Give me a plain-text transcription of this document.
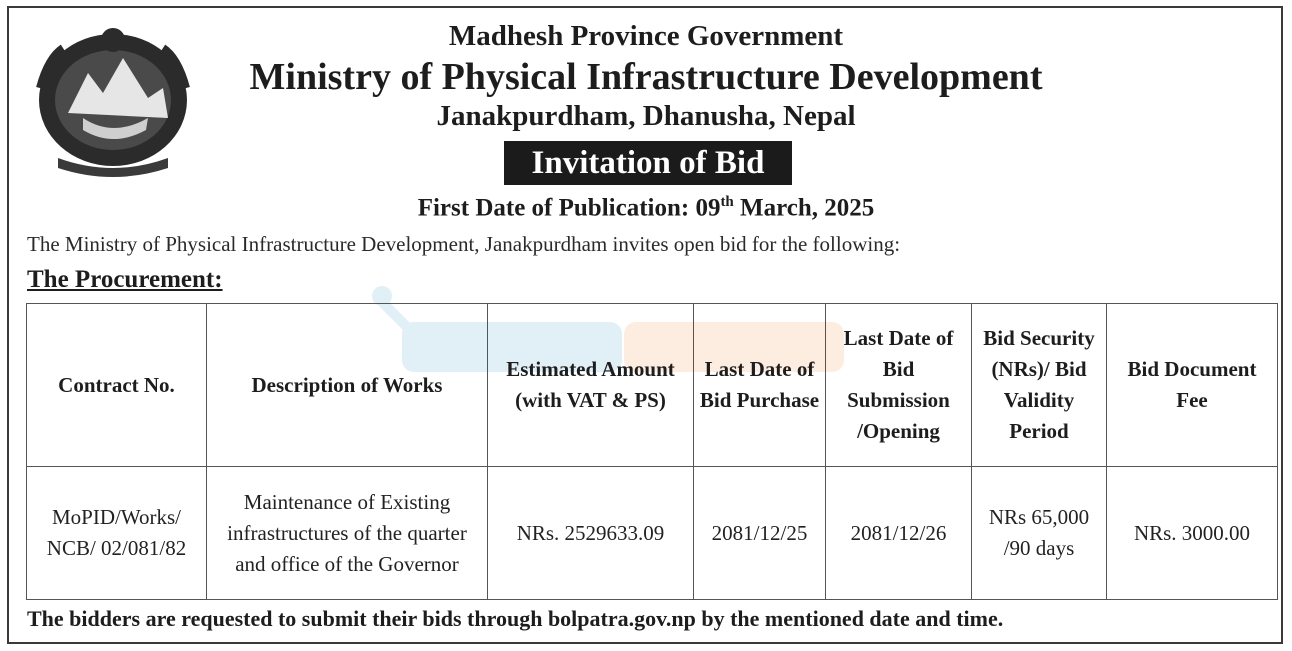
Madhesh Province Government
Ministry of Physical Infrastructure Development
Janakpurdham, Dhanusha, Nepal
Invitation of Bid
First Date of Publication: 09th March, 2025
The Ministry of Physical Infrastructure Development, Janakpurdham invites open bid for the following:
The Procurement:
Contract No.	Description of Works	Estimated Amount (with VAT & PS)	Last Date of Bid Purchase	Last Date of Bid Submission /Opening	Bid Security (NRs)/ Bid Validity Period	Bid Document Fee
MoPID/Works/ NCB/ 02/081/82	Maintenance of Existing infrastructures of the quarter and office of the Governor	NRs. 2529633.09	2081/12/25	2081/12/26	NRs 65,000 /90 days	NRs. 3000.00
The bidders are requested to submit their bids through bolpatra.gov.np by the mentioned date and time.
